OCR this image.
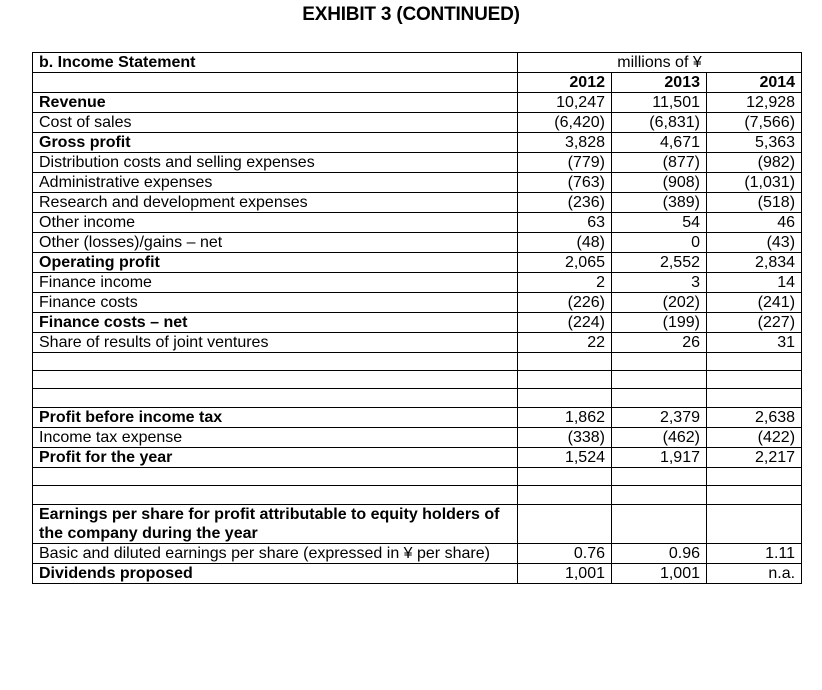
EXHIBIT 3 (CONTINUED)
b. Income Statement	millions of ¥		
	2012	2013	2014
Revenue	10,247	11,501	12,928
Cost of sales	(6,420)	(6,831)	(7,566)
Gross profit	3,828	4,671	5,363
Distribution costs and selling expenses	(779)	(877)	(982)
Administrative expenses	(763)	(908)	(1,031)
Research and development expenses	(236)	(389)	(518)
Other income	63	54	46
Other (losses)/gains – net	(48)	0	(43)
Operating profit	2,065	2,552	2,834
Finance income	2	3	14
Finance costs	(226)	(202)	(241)
Finance costs – net	(224)	(199)	(227)
Share of results of joint ventures	22	26	31

Profit before income tax	1,862	2,379	2,638
Income tax expense	(338)	(462)	(422)
Profit for the year	1,524	1,917	2,217

Earnings per share for profit attributable to equity holders of the company during the year			
Basic and diluted earnings per share (expressed in ¥ per share)	0.76	0.96	1.11
Dividends proposed	1,001	1,001	n.a.
